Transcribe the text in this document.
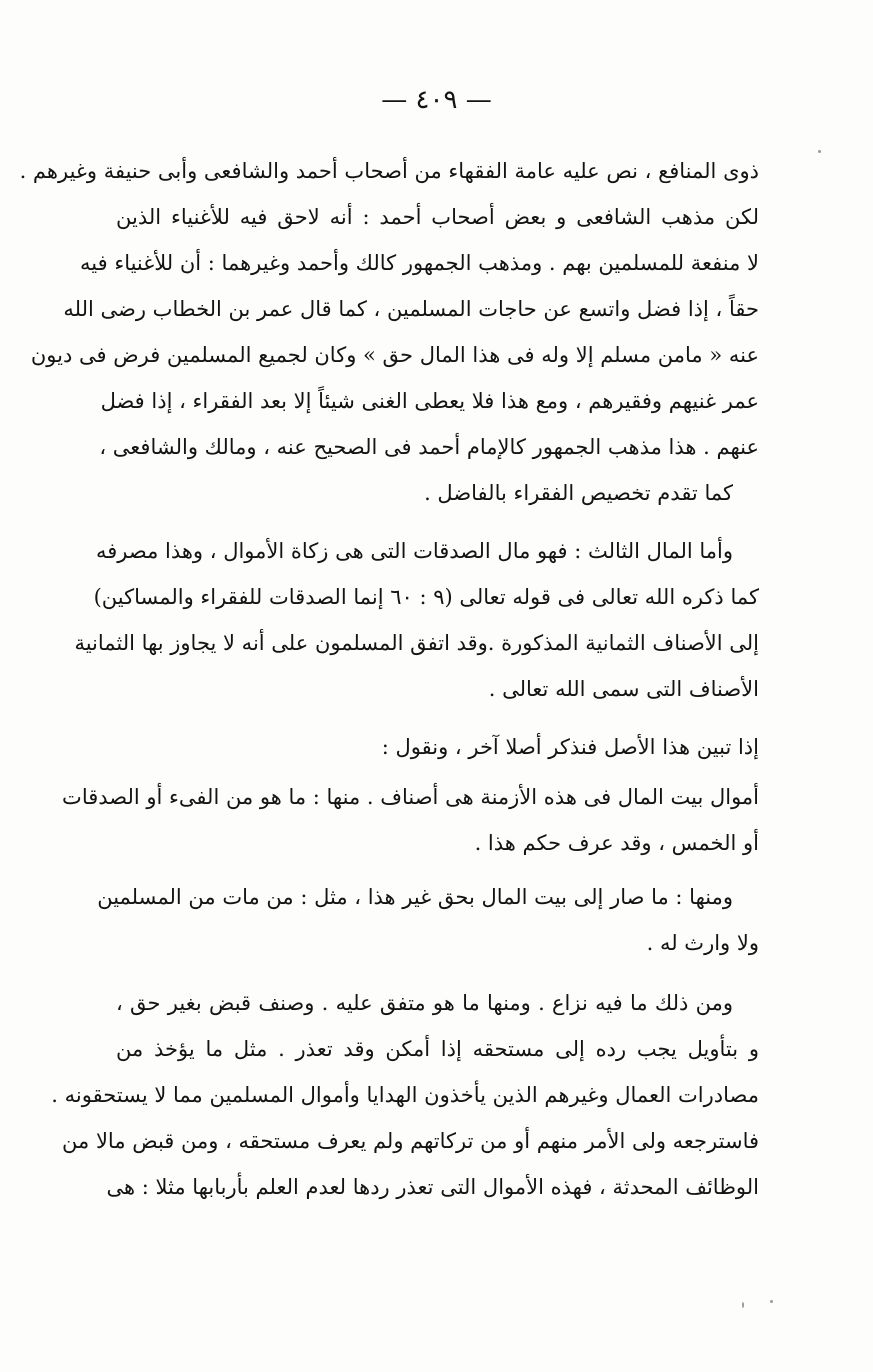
— ٤٠٩ —
ذوى المنافع ، نص عليه عامة الفقهاء من أصحاب أحمد والشافعى وأبى حنيفة وغيرهم .
لكن مذهب الشافعى و بعض أصحاب أحمد : أنه لاحق فيه للأغنياء الذين
لا منفعة للمسلمين بهم . ومذهب الجمهور كالك وأحمد وغيرهما : أن للأغنياء فيه
حقاً ، إذا فضل واتسع عن حاجات المسلمين ، كما قال عمر بن الخطاب رضى الله
عنه « مامن مسلم إلا وله فى هذا المال حق » وكان لجميع المسلمين فرض فى ديون
عمر غنيهم وفقيرهم ، ومع هذا فلا يعطى الغنى شيئاً إلا بعد الفقراء ، إذا فضل
عنهم . هذا مذهب الجمهور كالإمام أحمد فى الصحيح عنه ، ومالك والشافعى ،
كما تقدم تخصيص الفقراء بالفاضل .
وأما المال الثالث : فهو مال الصدقات التى هى زكاة الأموال ، وهذا مصرفه
كما ذكره الله تعالى فى قوله تعالى (٩ : ٦٠ إنما الصدقات للفقراء والمساكين)
إلى الأصناف الثمانية المذكورة .وقد اتفق المسلمون على أنه لا يجاوز بها الثمانية
الأصناف التى سمى الله تعالى .
إذا تبين هذا الأصل فنذكر أصلا آخر ، ونقول :
أموال بيت المال فى هذه الأزمنة هى أصناف . منها : ما هو من الفىء أو الصدقات
أو الخمس ، وقد عرف حكم هذا .
ومنها : ما صار إلى بيت المال بحق غير هذا ، مثل : من مات من المسلمين
ولا وارث له .
ومن ذلك ما فيه نزاع . ومنها ما هو متفق عليه . وصنف قبض بغير حق ،
و بتأويل يجب رده إلى مستحقه إذا أمكن وقد تعذر . مثل ما يؤخذ من
مصادرات العمال وغيرهم الذين يأخذون الهدايا وأموال المسلمين مما لا يستحقونه .
فاسترجعه ولى الأمر منهم أو من تركاتهم ولم يعرف مستحقه ، ومن قبض مالا من
الوظائف المحدثة ، فهذه الأموال التى تعذر ردها لعدم العلم بأربابها مثلا : هى
